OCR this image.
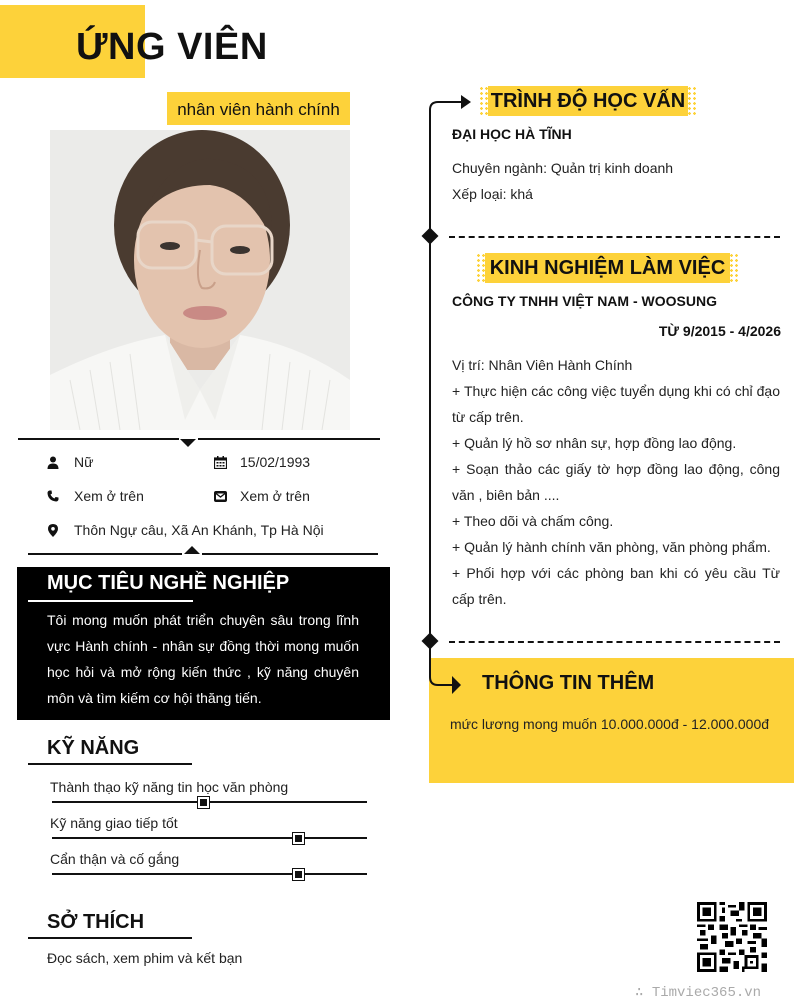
ỨNG VIÊN
nhân viên hành chính
Nữ	15/02/1993
Xem ở trên	Xem ở trên
Thôn Ngự câu, Xã An Khánh, Tp Hà Nội
MỤC TIÊU NGHỀ NGHIỆP
Tôi mong muốn phát triển chuyên sâu trong lĩnh vực Hành chính - nhân sự đồng thời mong muốn học hỏi và mở rộng kiến thức , kỹ năng chuyên môn và tìm kiếm cơ hội thăng tiến.
KỸ NĂNG
Thành thạo kỹ năng tin học văn phòng
Kỹ năng giao tiếp tốt
Cẩn thận và cố gắng
SỞ THÍCH
Đọc sách, xem phim và kết bạn
TRÌNH ĐỘ HỌC VẤN
ĐẠI HỌC HÀ TĨNH
Chuyên ngành: Quản trị kinh doanh
Xếp loại: khá
KINH NGHIỆM LÀM VIỆC
CÔNG TY TNHH VIỆT NAM - WOOSUNG
TỪ 9/2015 - 4/2026
Vị trí: Nhân Viên Hành Chính
+ Thực hiện các công việc tuyển dụng khi có chỉ đạo từ cấp trên.
+ Quản lý hồ sơ nhân sự, hợp đồng lao động.
+ Soạn thảo các giấy tờ hợp đồng lao động, công văn , biên bản ....
+ Theo dõi và chấm công.
+ Quản lý hành chính văn phòng, văn phòng phẩm.
+ Phối hợp với các phòng ban khi có yêu cầu Từ cấp trên.
THÔNG TIN THÊM
mức lương mong muốn 10.000.000đ - 12.000.000đ
∴ Timviec365.vn
